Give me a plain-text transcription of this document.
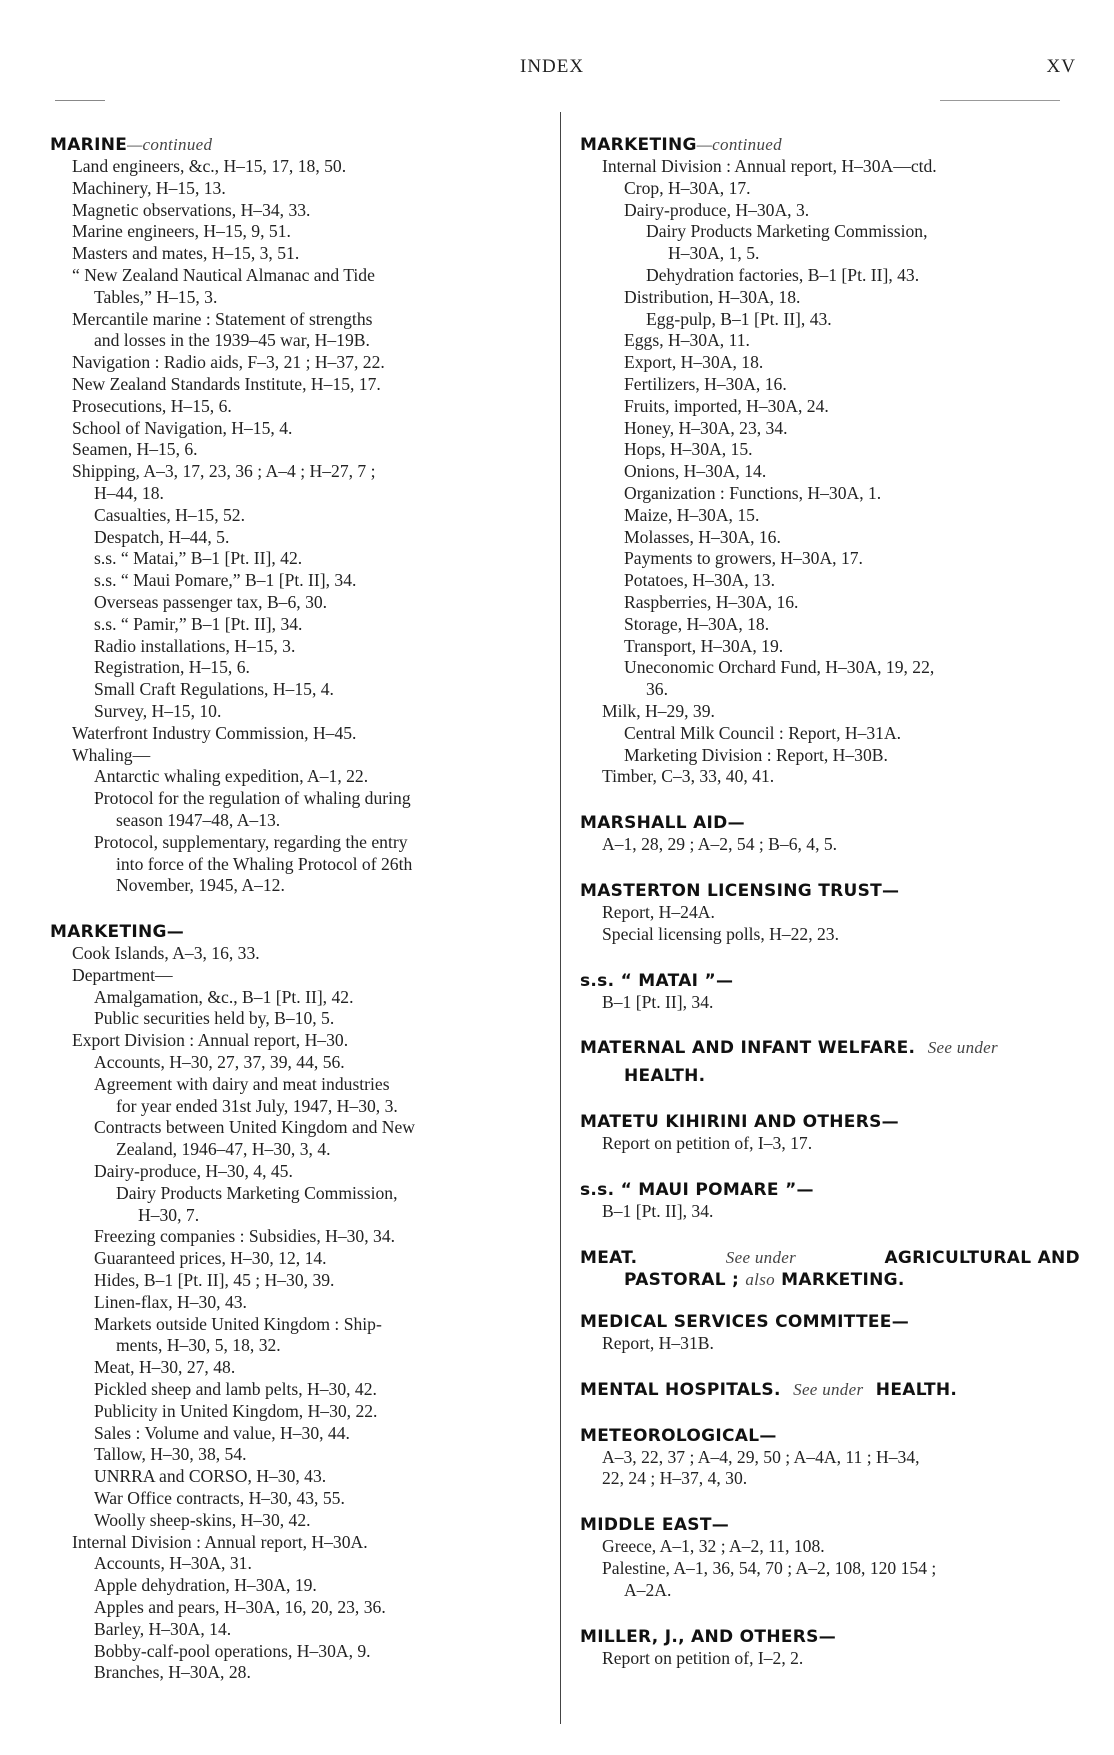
INDEX	XV
MARINE—continued
Land engineers, &c., H–15, 17, 18, 50.
Machinery, H–15, 13.
Magnetic observations, H–34, 33.
Marine engineers, H–15, 9, 51.
Masters and mates, H–15, 3, 51.
“ New Zealand Nautical Almanac and Tide
Tables,” H–15, 3.
Mercantile marine : Statement of strengths
and losses in the 1939–45 war, H–19B.
Navigation : Radio aids, F–3, 21 ; H–37, 22.
New Zealand Standards Institute, H–15, 17.
Prosecutions, H–15, 6.
School of Navigation, H–15, 4.
Seamen, H–15, 6.
Shipping, A–3, 17, 23, 36 ; A–4 ; H–27, 7 ;
H–44, 18.
Casualties, H–15, 52.
Despatch, H–44, 5.
s.s. “ Matai,” B–1 [Pt. II], 42.
s.s. “ Maui Pomare,” B–1 [Pt. II], 34.
Overseas passenger tax, B–6, 30.
s.s. “ Pamir,” B–1 [Pt. II], 34.
Radio installations, H–15, 3.
Registration, H–15, 6.
Small Craft Regulations, H–15, 4.
Survey, H–15, 10.
Waterfront Industry Commission, H–45.
Whaling—
Antarctic whaling expedition, A–1, 22.
Protocol for the regulation of whaling during
season 1947–48, A–13.
Protocol, supplementary, regarding the entry
into force of the Whaling Protocol of 26th
November, 1945, A–12.
MARKETING—
Cook Islands, A–3, 16, 33.
Department—
Amalgamation, &c., B–1 [Pt. II], 42.
Public securities held by, B–10, 5.
Export Division : Annual report, H–30.
Accounts, H–30, 27, 37, 39, 44, 56.
Agreement with dairy and meat industries
for year ended 31st July, 1947, H–30, 3.
Contracts between United Kingdom and New
Zealand, 1946–47, H–30, 3, 4.
Dairy-produce, H–30, 4, 45.
Dairy Products Marketing Commission,
H–30, 7.
Freezing companies : Subsidies, H–30, 34.
Guaranteed prices, H–30, 12, 14.
Hides, B–1 [Pt. II], 45 ; H–30, 39.
Linen-flax, H–30, 43.
Markets outside United Kingdom : Ship-
ments, H–30, 5, 18, 32.
Meat, H–30, 27, 48.
Pickled sheep and lamb pelts, H–30, 42.
Publicity in United Kingdom, H–30, 22.
Sales : Volume and value, H–30, 44.
Tallow, H–30, 38, 54.
UNRRA and CORSO, H–30, 43.
War Office contracts, H–30, 43, 55.
Woolly sheep-skins, H–30, 42.
Internal Division : Annual report, H–30A.
Accounts, H–30A, 31.
Apple dehydration, H–30A, 19.
Apples and pears, H–30A, 16, 20, 23, 36.
Barley, H–30A, 14.
Bobby-calf-pool operations, H–30A, 9.
Branches, H–30A, 28.
MARKETING—continued
Internal Division : Annual report, H–30A—ctd.
Crop, H–30A, 17.
Dairy-produce, H–30A, 3.
Dairy Products Marketing Commission,
H–30A, 1, 5.
Dehydration factories, B–1 [Pt. II], 43.
Distribution, H–30A, 18.
Egg-pulp, B–1 [Pt. II], 43.
Eggs, H–30A, 11.
Export, H–30A, 18.
Fertilizers, H–30A, 16.
Fruits, imported, H–30A, 24.
Honey, H–30A, 23, 34.
Hops, H–30A, 15.
Onions, H–30A, 14.
Organization : Functions, H–30A, 1.
Maize, H–30A, 15.
Molasses, H–30A, 16.
Payments to growers, H–30A, 17.
Potatoes, H–30A, 13.
Raspberries, H–30A, 16.
Storage, H–30A, 18.
Transport, H–30A, 19.
Uneconomic Orchard Fund, H–30A, 19, 22,
36.
Milk, H–29, 39.
Central Milk Council : Report, H–31A.
Marketing Division : Report, H–30B.
Timber, C–3, 33, 40, 41.
MARSHALL AID—
A–1, 28, 29 ; A–2, 54 ; B–6, 4, 5.
MASTERTON LICENSING TRUST—
Report, H–24A.
Special licensing polls, H–22, 23.
s.s. “ MATAI ”—
B–1 [Pt. II], 34.
MATERNAL AND INFANT WELFARE. See under
HEALTH.
MATETU KIHIRINI AND OTHERS—
Report on petition of, I–3, 17.
s.s. “ MAUI POMARE ”—
B–1 [Pt. II], 34.
MEAT.	See under	AGRICULTURAL AND
PASTORAL ; also MARKETING.
MEDICAL SERVICES COMMITTEE—
Report, H–31B.
MENTAL HOSPITALS. See under HEALTH.
METEOROLOGICAL—
A–3, 22, 37 ; A–4, 29, 50 ; A–4A, 11 ; H–34,
22, 24 ; H–37, 4, 30.
MIDDLE EAST—
Greece, A–1, 32 ; A–2, 11, 108.
Palestine, A–1, 36, 54, 70 ; A–2, 108, 120 154 ;
A–2A.
MILLER, J., AND OTHERS—
Report on petition of, I–2, 2.
